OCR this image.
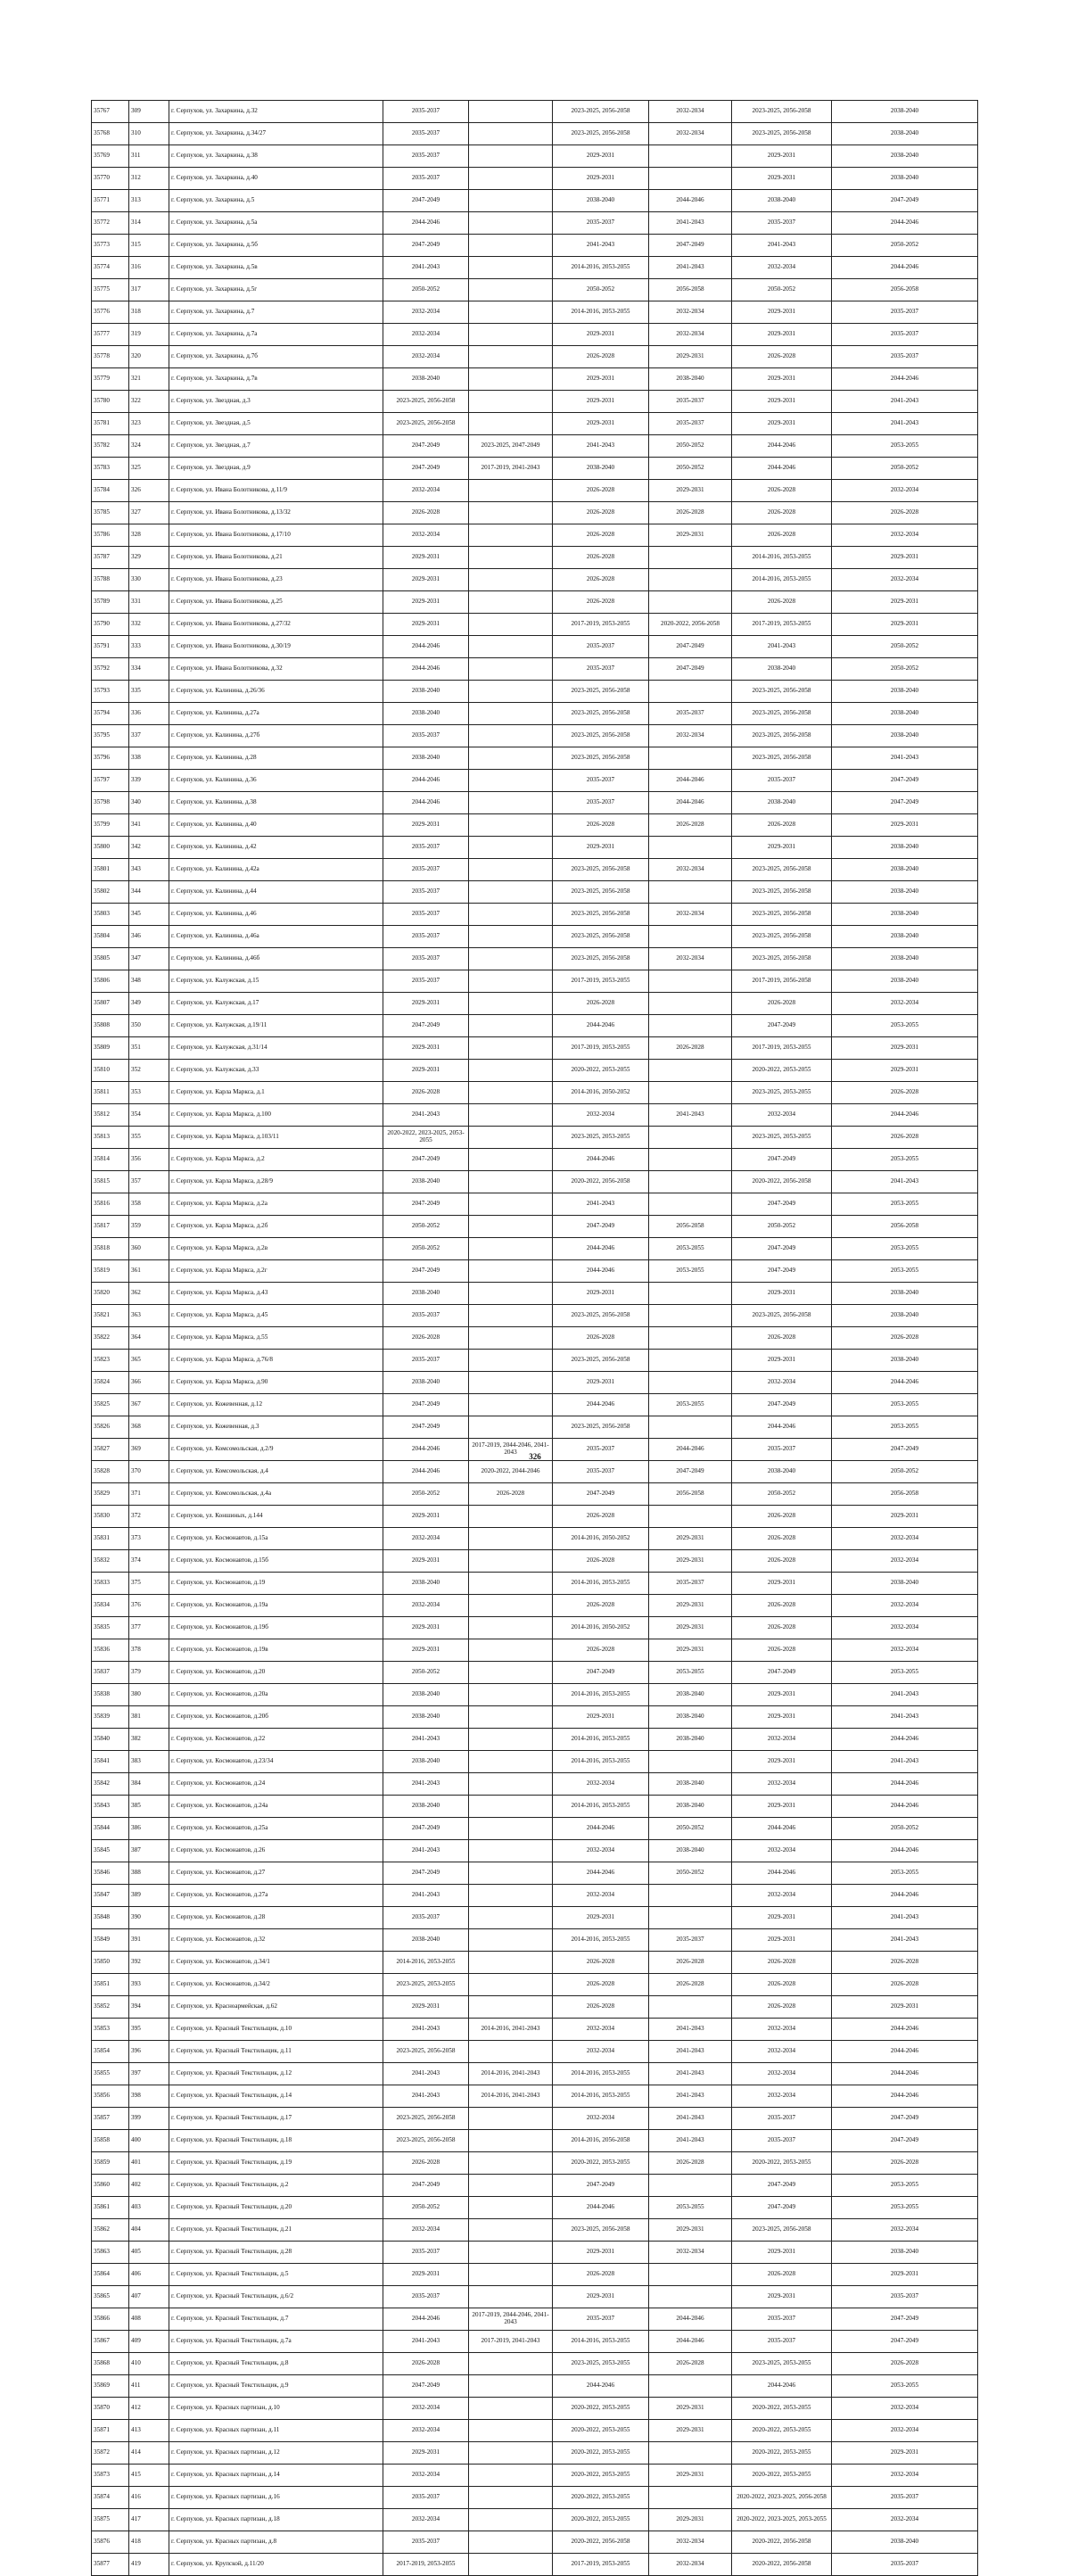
35767	309	г. Серпухов, ул. Захаркина, д.32	2035-2037		2023-2025, 2056-2058	2032-2034	2023-2025, 2056-2058	2038-2040
35768	310	г. Серпухов, ул. Захаркина, д.34/27	2035-2037		2023-2025, 2056-2058	2032-2034	2023-2025, 2056-2058	2038-2040
35769	311	г. Серпухов, ул. Захаркина, д.38	2035-2037		2029-2031		2029-2031	2038-2040
35770	312	г. Серпухов, ул. Захаркина, д.40	2035-2037		2029-2031		2029-2031	2038-2040
35771	313	г. Серпухов, ул. Захаркина, д.5	2047-2049		2038-2040	2044-2046	2038-2040	2047-2049
35772	314	г. Серпухов, ул. Захаркина, д.5а	2044-2046		2035-2037	2041-2043	2035-2037	2044-2046
35773	315	г. Серпухов, ул. Захаркина, д.5б	2047-2049		2041-2043	2047-2049	2041-2043	2050-2052
35774	316	г. Серпухов, ул. Захаркина, д.5в	2041-2043		2014-2016, 2053-2055	2041-2043	2032-2034	2044-2046
35775	317	г. Серпухов, ул. Захаркина, д.5г	2050-2052		2050-2052	2056-2058	2050-2052	2056-2058
35776	318	г. Серпухов, ул. Захаркина, д.7	2032-2034		2014-2016, 2053-2055	2032-2034	2029-2031	2035-2037
35777	319	г. Серпухов, ул. Захаркина, д.7а	2032-2034		2029-2031	2032-2034	2029-2031	2035-2037
35778	320	г. Серпухов, ул. Захаркина, д.7б	2032-2034		2026-2028	2029-2031	2026-2028	2035-2037
35779	321	г. Серпухов, ул. Захаркина, д.7в	2038-2040		2029-2031	2038-2040	2029-2031	2044-2046
35780	322	г. Серпухов, ул. Звездная, д.3	2023-2025, 2056-2058		2029-2031	2035-2037	2029-2031	2041-2043
35781	323	г. Серпухов, ул. Звездная, д.5	2023-2025, 2056-2058		2029-2031	2035-2037	2029-2031	2041-2043
35782	324	г. Серпухов, ул. Звездная, д.7	2047-2049	2023-2025, 2047-2049	2041-2043	2050-2052	2044-2046	2053-2055
35783	325	г. Серпухов, ул. Звездная, д.9	2047-2049	2017-2019, 2041-2043	2038-2040	2050-2052	2044-2046	2050-2052
35784	326	г. Серпухов, ул. Ивана Болотникова, д.11/9	2032-2034		2026-2028	2029-2031	2026-2028	2032-2034
35785	327	г. Серпухов, ул. Ивана Болотникова, д.13/32	2026-2028		2026-2028	2026-2028	2026-2028	2026-2028
35786	328	г. Серпухов, ул. Ивана Болотникова, д.17/10	2032-2034		2026-2028	2029-2031	2026-2028	2032-2034
35787	329	г. Серпухов, ул. Ивана Болотникова, д.21	2029-2031		2026-2028		2014-2016, 2053-2055	2029-2031
35788	330	г. Серпухов, ул. Ивана Болотникова, д.23	2029-2031		2026-2028		2014-2016, 2053-2055	2032-2034
35789	331	г. Серпухов, ул. Ивана Болотникова, д.25	2029-2031		2026-2028		2026-2028	2029-2031
35790	332	г. Серпухов, ул. Ивана Болотникова, д.27/32	2029-2031		2017-2019, 2053-2055	2020-2022, 2056-2058	2017-2019, 2053-2055	2029-2031
35791	333	г. Серпухов, ул. Ивана Болотникова, д.30/19	2044-2046		2035-2037	2047-2049	2041-2043	2050-2052
35792	334	г. Серпухов, ул. Ивана Болотникова, д.32	2044-2046		2035-2037	2047-2049	2038-2040	2050-2052
35793	335	г. Серпухов, ул. Калинина, д.26/36	2038-2040		2023-2025, 2056-2058		2023-2025, 2056-2058	2038-2040
35794	336	г. Серпухов, ул. Калинина, д.27а	2038-2040		2023-2025, 2056-2058	2035-2037	2023-2025, 2056-2058	2038-2040
35795	337	г. Серпухов, ул. Калинина, д.27б	2035-2037		2023-2025, 2056-2058	2032-2034	2023-2025, 2056-2058	2038-2040
35796	338	г. Серпухов, ул. Калинина, д.28	2038-2040		2023-2025, 2056-2058		2023-2025, 2056-2058	2041-2043
35797	339	г. Серпухов, ул. Калинина, д.36	2044-2046		2035-2037	2044-2046	2035-2037	2047-2049
35798	340	г. Серпухов, ул. Калинина, д.38	2044-2046		2035-2037	2044-2046	2038-2040	2047-2049
35799	341	г. Серпухов, ул. Калинина, д.40	2029-2031		2026-2028	2026-2028	2026-2028	2029-2031
35800	342	г. Серпухов, ул. Калинина, д.42	2035-2037		2029-2031		2029-2031	2038-2040
35801	343	г. Серпухов, ул. Калинина, д.42а	2035-2037		2023-2025, 2056-2058	2032-2034	2023-2025, 2056-2058	2038-2040
35802	344	г. Серпухов, ул. Калинина, д.44	2035-2037		2023-2025, 2056-2058		2023-2025, 2056-2058	2038-2040
35803	345	г. Серпухов, ул. Калинина, д.46	2035-2037		2023-2025, 2056-2058	2032-2034	2023-2025, 2056-2058	2038-2040
35804	346	г. Серпухов, ул. Калинина, д.46а	2035-2037		2023-2025, 2056-2058		2023-2025, 2056-2058	2038-2040
35805	347	г. Серпухов, ул. Калинина, д.46б	2035-2037		2023-2025, 2056-2058	2032-2034	2023-2025, 2056-2058	2038-2040
35806	348	г. Серпухов, ул. Калужская, д.15	2035-2037		2017-2019, 2053-2055		2017-2019, 2056-2058	2038-2040
35807	349	г. Серпухов, ул. Калужская, д.17	2029-2031		2026-2028		2026-2028	2032-2034
35808	350	г. Серпухов, ул. Калужская, д.19/11	2047-2049		2044-2046		2047-2049	2053-2055
35809	351	г. Серпухов, ул. Калужская, д.31/14	2029-2031		2017-2019, 2053-2055	2026-2028	2017-2019, 2053-2055	2029-2031
35810	352	г. Серпухов, ул. Калужская, д.33	2029-2031		2020-2022, 2053-2055		2020-2022, 2053-2055	2029-2031
35811	353	г. Серпухов, ул. Карла Маркса, д.1	2026-2028		2014-2016, 2050-2052		2023-2025, 2053-2055	2026-2028
35812	354	г. Серпухов, ул. Карла Маркса, д.100	2041-2043		2032-2034	2041-2043	2032-2034	2044-2046
35813	355	г. Серпухов, ул. Карла Маркса, д.103/11	2020-2022, 2023-2025, 2053-2055		2023-2025, 2053-2055		2023-2025, 2053-2055	2026-2028
35814	356	г. Серпухов, ул. Карла Маркса, д.2	2047-2049		2044-2046		2047-2049	2053-2055
35815	357	г. Серпухов, ул. Карла Маркса, д.28/9	2038-2040		2020-2022, 2056-2058		2020-2022, 2056-2058	2041-2043
35816	358	г. Серпухов, ул. Карла Маркса, д.2а	2047-2049		2041-2043		2047-2049	2053-2055
35817	359	г. Серпухов, ул. Карла Маркса, д.2б	2050-2052		2047-2049	2056-2058	2050-2052	2056-2058
35818	360	г. Серпухов, ул. Карла Маркса, д.2в	2050-2052		2044-2046	2053-2055	2047-2049	2053-2055
35819	361	г. Серпухов, ул. Карла Маркса, д.2г	2047-2049		2044-2046	2053-2055	2047-2049	2053-2055
35820	362	г. Серпухов, ул. Карла Маркса, д.43	2038-2040		2029-2031		2029-2031	2038-2040
35821	363	г. Серпухов, ул. Карла Маркса, д.45	2035-2037		2023-2025, 2056-2058		2023-2025, 2056-2058	2038-2040
35822	364	г. Серпухов, ул. Карла Маркса, д.55	2026-2028		2026-2028		2026-2028	2026-2028
35823	365	г. Серпухов, ул. Карла Маркса, д.76/8	2035-2037		2023-2025, 2056-2058		2029-2031	2038-2040
35824	366	г. Серпухов, ул. Карла Маркса, д.90	2038-2040		2029-2031		2032-2034	2044-2046
35825	367	г. Серпухов, ул. Кожевенная, д.12	2047-2049		2044-2046	2053-2055	2047-2049	2053-2055
35826	368	г. Серпухов, ул. Кожевенная, д.3	2047-2049		2023-2025, 2056-2058		2044-2046	2053-2055
35827	369	г. Серпухов, ул. Комсомольская, д.2/9	2044-2046	2017-2019, 2044-2046, 2041-2043	2035-2037	2044-2046	2035-2037	2047-2049
35828	370	г. Серпухов, ул. Комсомольская, д.4	2044-2046	2020-2022, 2044-2046	2035-2037	2047-2049	2038-2040	2050-2052
35829	371	г. Серпухов, ул. Комсомольская, д.4а	2050-2052	2026-2028	2047-2049	2056-2058	2050-2052	2056-2058
35830	372	г. Серпухов, ул. Коншиных, д.144	2029-2031		2026-2028		2026-2028	2029-2031
35831	373	г. Серпухов, ул. Космонавтов, д.15а	2032-2034		2014-2016, 2050-2052	2029-2031	2026-2028	2032-2034
35832	374	г. Серпухов, ул. Космонавтов, д.15б	2029-2031		2026-2028	2029-2031	2026-2028	2032-2034
35833	375	г. Серпухов, ул. Космонавтов, д.19	2038-2040		2014-2016, 2053-2055	2035-2037	2029-2031	2038-2040
35834	376	г. Серпухов, ул. Космонавтов, д.19а	2032-2034		2026-2028	2029-2031	2026-2028	2032-2034
35835	377	г. Серпухов, ул. Космонавтов, д.19б	2029-2031		2014-2016, 2050-2052	2029-2031	2026-2028	2032-2034
35836	378	г. Серпухов, ул. Космонавтов, д.19в	2029-2031		2026-2028	2029-2031	2026-2028	2032-2034
35837	379	г. Серпухов, ул. Космонавтов, д.20	2050-2052		2047-2049	2053-2055	2047-2049	2053-2055
35838	380	г. Серпухов, ул. Космонавтов, д.20а	2038-2040		2014-2016, 2053-2055	2038-2040	2029-2031	2041-2043
35839	381	г. Серпухов, ул. Космонавтов, д.20б	2038-2040		2029-2031	2038-2040	2029-2031	2041-2043
35840	382	г. Серпухов, ул. Космонавтов, д.22	2041-2043		2014-2016, 2053-2055	2038-2040	2032-2034	2044-2046
35841	383	г. Серпухов, ул. Космонавтов, д.23/34	2038-2040		2014-2016, 2053-2055		2029-2031	2041-2043
35842	384	г. Серпухов, ул. Космонавтов, д.24	2041-2043		2032-2034	2038-2040	2032-2034	2044-2046
35843	385	г. Серпухов, ул. Космонавтов, д.24а	2038-2040		2014-2016, 2053-2055	2038-2040	2029-2031	2044-2046
35844	386	г. Серпухов, ул. Космонавтов, д.25а	2047-2049		2044-2046	2050-2052	2044-2046	2050-2052
35845	387	г. Серпухов, ул. Космонавтов, д.26	2041-2043		2032-2034	2038-2040	2032-2034	2044-2046
35846	388	г. Серпухов, ул. Космонавтов, д.27	2047-2049		2044-2046	2050-2052	2044-2046	2053-2055
35847	389	г. Серпухов, ул. Космонавтов, д.27а	2041-2043		2032-2034		2032-2034	2044-2046
35848	390	г. Серпухов, ул. Космонавтов, д.28	2035-2037		2029-2031		2029-2031	2041-2043
35849	391	г. Серпухов, ул. Космонавтов, д.32	2038-2040		2014-2016, 2053-2055	2035-2037	2029-2031	2041-2043
35850	392	г. Серпухов, ул. Космонавтов, д.34/1	2014-2016, 2053-2055		2026-2028	2026-2028	2026-2028	2026-2028
35851	393	г. Серпухов, ул. Космонавтов, д.34/2	2023-2025, 2053-2055		2026-2028	2026-2028	2026-2028	2026-2028
35852	394	г. Серпухов, ул. Красноармейская, д.62	2029-2031		2026-2028		2026-2028	2029-2031
35853	395	г. Серпухов, ул. Красный Текстильщик, д.10	2041-2043	2014-2016, 2041-2043	2032-2034	2041-2043	2032-2034	2044-2046
35854	396	г. Серпухов, ул. Красный Текстильщик, д.11	2023-2025, 2056-2058		2032-2034	2041-2043	2032-2034	2044-2046
35855	397	г. Серпухов, ул. Красный Текстильщик, д.12	2041-2043	2014-2016, 2041-2043	2014-2016, 2053-2055	2041-2043	2032-2034	2044-2046
35856	398	г. Серпухов, ул. Красный Текстильщик, д.14	2041-2043	2014-2016, 2041-2043	2014-2016, 2053-2055	2041-2043	2032-2034	2044-2046
35857	399	г. Серпухов, ул. Красный Текстильщик, д.17	2023-2025, 2056-2058		2032-2034	2041-2043	2035-2037	2047-2049
35858	400	г. Серпухов, ул. Красный Текстильщик, д.18	2023-2025, 2056-2058		2014-2016, 2056-2058	2041-2043	2035-2037	2047-2049
35859	401	г. Серпухов, ул. Красный Текстильщик, д.19	2026-2028		2020-2022, 2053-2055	2026-2028	2020-2022, 2053-2055	2026-2028
35860	402	г. Серпухов, ул. Красный Текстильщик, д.2	2047-2049		2047-2049		2047-2049	2053-2055
35861	403	г. Серпухов, ул. Красный Текстильщик, д.20	2050-2052		2044-2046	2053-2055	2047-2049	2053-2055
35862	404	г. Серпухов, ул. Красный Текстильщик, д.21	2032-2034		2023-2025, 2056-2058	2029-2031	2023-2025, 2056-2058	2032-2034
35863	405	г. Серпухов, ул. Красный Текстильщик, д.28	2035-2037		2029-2031	2032-2034	2029-2031	2038-2040
35864	406	г. Серпухов, ул. Красный Текстильщик, д.5	2029-2031		2026-2028		2026-2028	2029-2031
35865	407	г. Серпухов, ул. Красный Текстильщик, д.6/2	2035-2037		2029-2031		2029-2031	2035-2037
35866	408	г. Серпухов, ул. Красный Текстильщик, д.7	2044-2046	2017-2019, 2044-2046, 2041-2043	2035-2037	2044-2046	2035-2037	2047-2049
35867	409	г. Серпухов, ул. Красный Текстильщик, д.7а	2041-2043	2017-2019, 2041-2043	2014-2016, 2053-2055	2044-2046	2035-2037	2047-2049
35868	410	г. Серпухов, ул. Красный Текстильщик, д.8	2026-2028		2023-2025, 2053-2055	2026-2028	2023-2025, 2053-2055	2026-2028
35869	411	г. Серпухов, ул. Красный Текстильщик, д.9	2047-2049		2044-2046		2044-2046	2053-2055
35870	412	г. Серпухов, ул. Красных партизан, д.10	2032-2034		2020-2022, 2053-2055	2029-2031	2020-2022, 2053-2055	2032-2034
35871	413	г. Серпухов, ул. Красных партизан, д.11	2032-2034		2020-2022, 2053-2055	2029-2031	2020-2022, 2053-2055	2032-2034
35872	414	г. Серпухов, ул. Красных партизан, д.12	2029-2031		2020-2022, 2053-2055		2020-2022, 2053-2055	2029-2031
35873	415	г. Серпухов, ул. Красных партизан, д.14	2032-2034		2020-2022, 2053-2055	2029-2031	2020-2022, 2053-2055	2032-2034
35874	416	г. Серпухов, ул. Красных партизан, д.16	2035-2037		2020-2022, 2053-2055		2020-2022, 2023-2025, 2056-2058	2035-2037
35875	417	г. Серпухов, ул. Красных партизан, д.18	2032-2034		2020-2022, 2053-2055	2029-2031	2020-2022, 2023-2025, 2053-2055	2032-2034
35876	418	г. Серпухов, ул. Красных партизан, д.8	2035-2037		2020-2022, 2056-2058	2032-2034	2020-2022, 2056-2058	2038-2040
35877	419	г. Серпухов, ул. Крупской, д.11/20	2017-2019, 2053-2055		2017-2019, 2053-2055	2032-2034	2020-2022, 2056-2058	2035-2037
326
